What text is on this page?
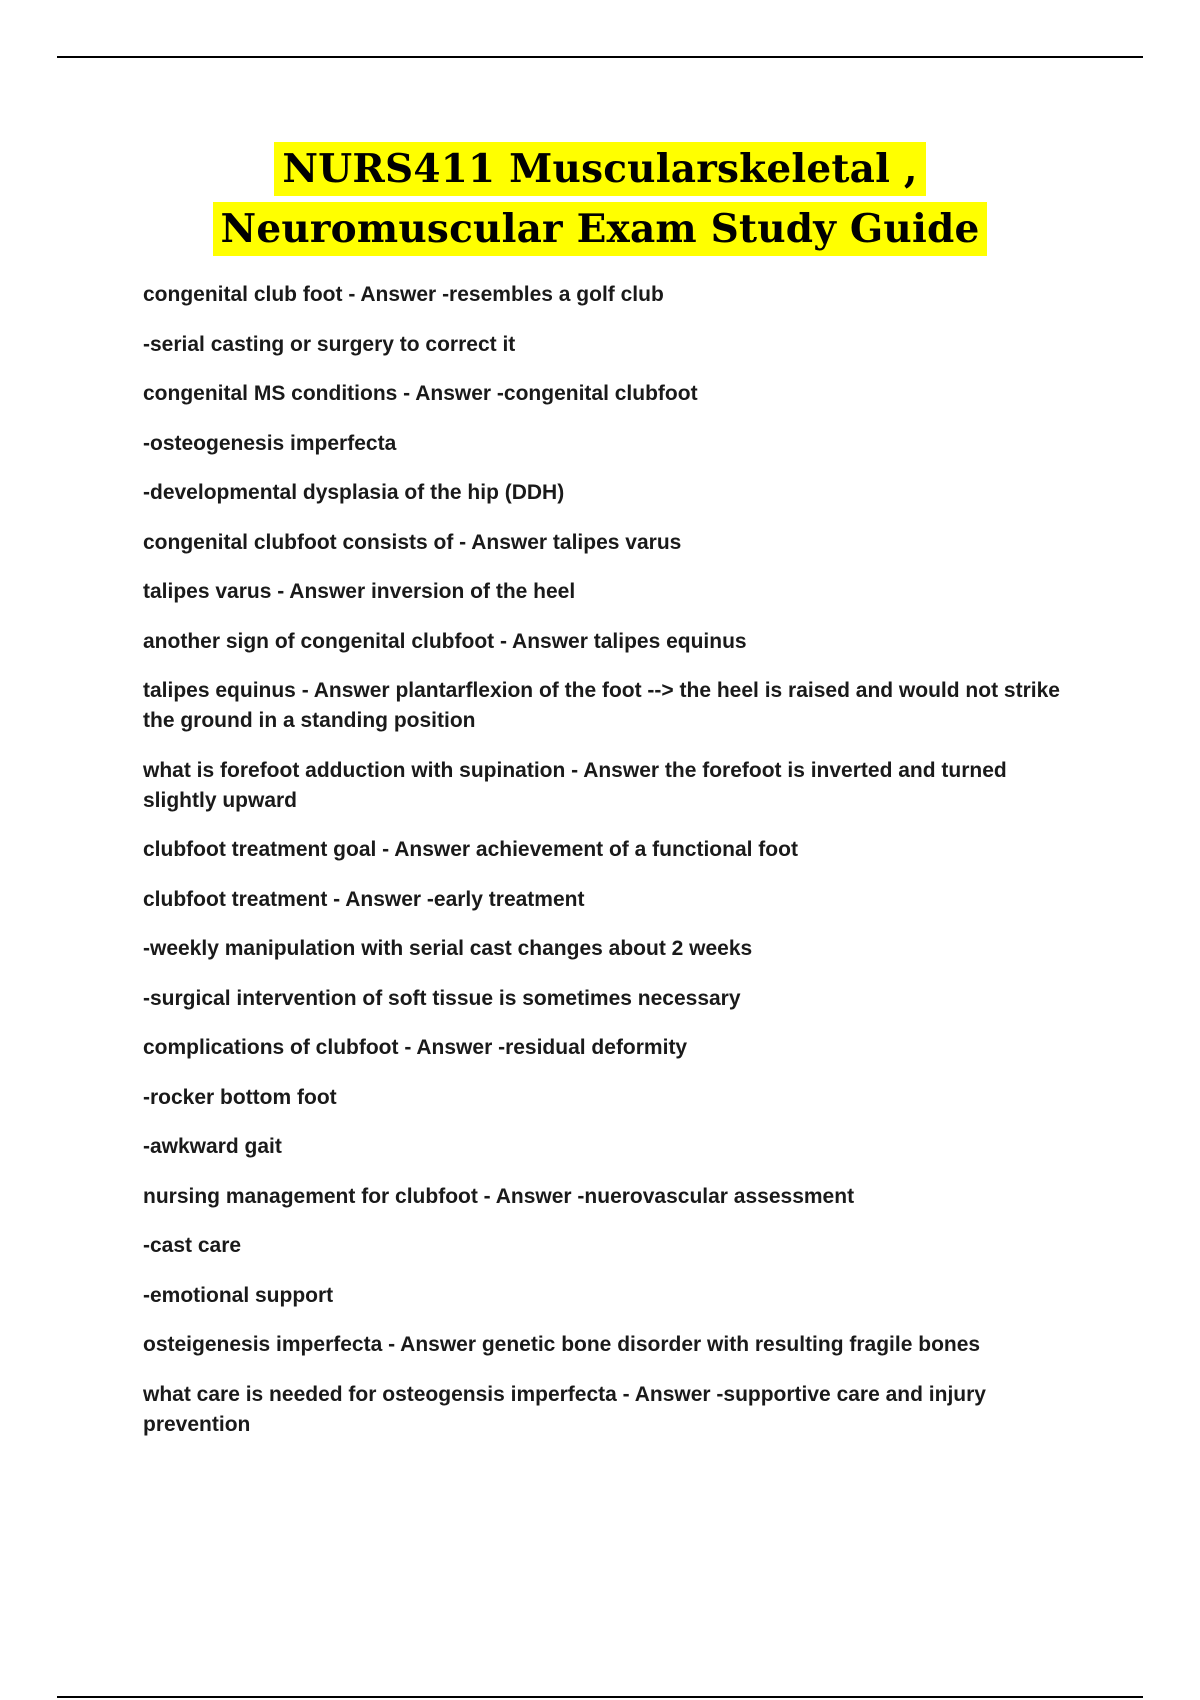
NURS411 Muscularskeletal ,
Neuromuscular Exam Study Guide

congenital club foot - Answer -resembles a golf club

-serial casting or surgery to correct it

congenital MS conditions - Answer -congenital clubfoot

-osteogenesis imperfecta

-developmental dysplasia of the hip (DDH)

congenital clubfoot consists of - Answer talipes varus

talipes varus - Answer inversion of the heel

another sign of congenital clubfoot - Answer talipes equinus

talipes equinus - Answer plantarflexion of the foot --> the heel is raised and would not strike the ground in a standing position

what is forefoot adduction with supination - Answer the forefoot is inverted and turned slightly upward

clubfoot treatment goal - Answer achievement of a functional foot

clubfoot treatment - Answer -early treatment

-weekly manipulation with serial cast changes about 2 weeks

-surgical intervention of soft tissue is sometimes necessary

complications of clubfoot - Answer -residual deformity

-rocker bottom foot

-awkward gait

nursing management for clubfoot - Answer -nuerovascular assessment

-cast care

-emotional support

osteigenesis imperfecta - Answer genetic bone disorder with resulting fragile bones

what care is needed for osteogensis imperfecta - Answer -supportive care and injury prevention
